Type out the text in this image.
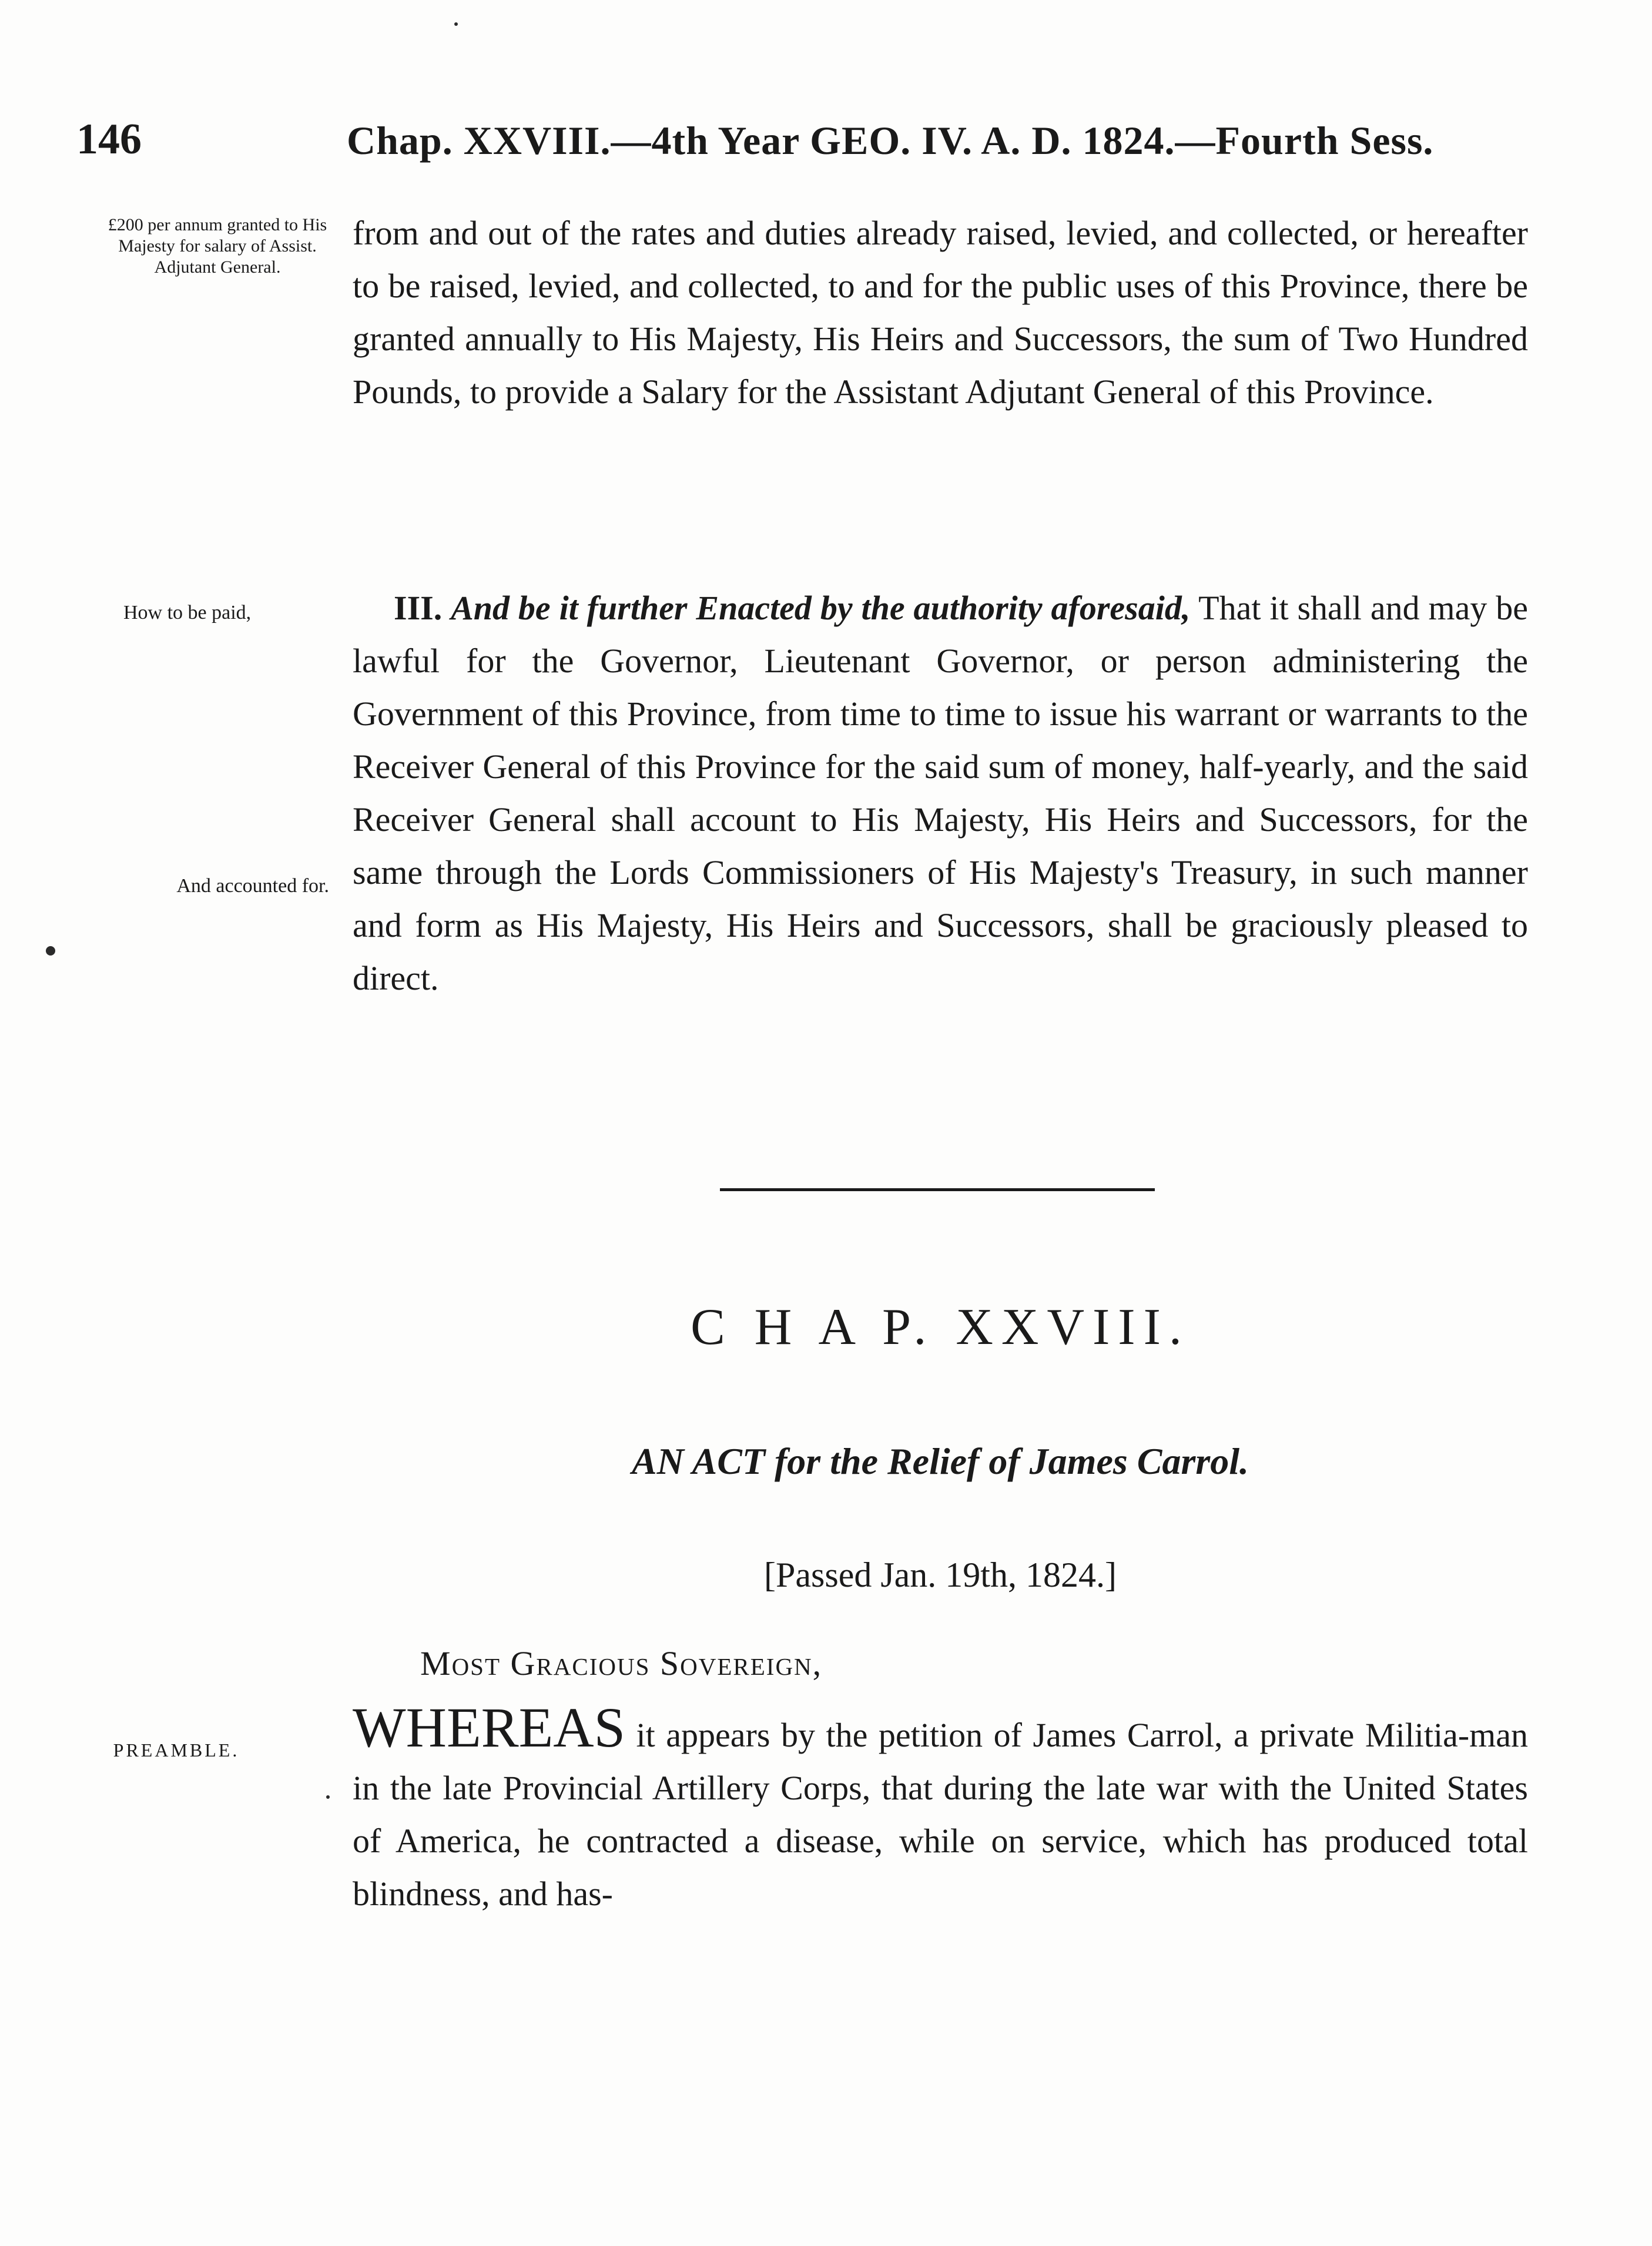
146	Chap. XXVIII.—4th Year GEO. IV. A. D. 1824.—Fourth Sess.
£200 per annum granted to His Majesty for salary of Assist. Adjutant General.

from and out of the rates and duties already raised, levied, and collected, or hereafter to be raised, levied, and collected, to and for the public uses of this Province, there be granted annually to His Majesty, His Heirs and Successors, the sum of Two Hundred Pounds, to provide a Salary for the Assistant Adjutant General of this Province.

How to be paid,
And accounted for.

III. And be it further Enacted by the authority aforesaid, That it shall and may be lawful for the Governor, Lieutenant Governor, or person administering the Government of this Province, from time to time to issue his warrant or warrants to the Receiver General of this Province for the said sum of money, half-yearly, and the said Receiver General shall account to His Majesty, His Heirs and Successors, for the same through the Lords Commissioners of His Majesty's Treasury, in such manner and form as His Majesty, His Heirs and Successors, shall be graciously pleased to direct.

C H A P. XXVIII.
AN ACT for the Relief of James Carrol.
[Passed Jan. 19th, 1824.]
Most Gracious Sovereign,
PREAMBLE.	WHEREAS it appears by the petition of James Carrol, a private Militia-man in the late Provincial Artillery Corps, that during the late war with the United States of America, he contracted a disease, while on service, which has produced total blindness, and has-
